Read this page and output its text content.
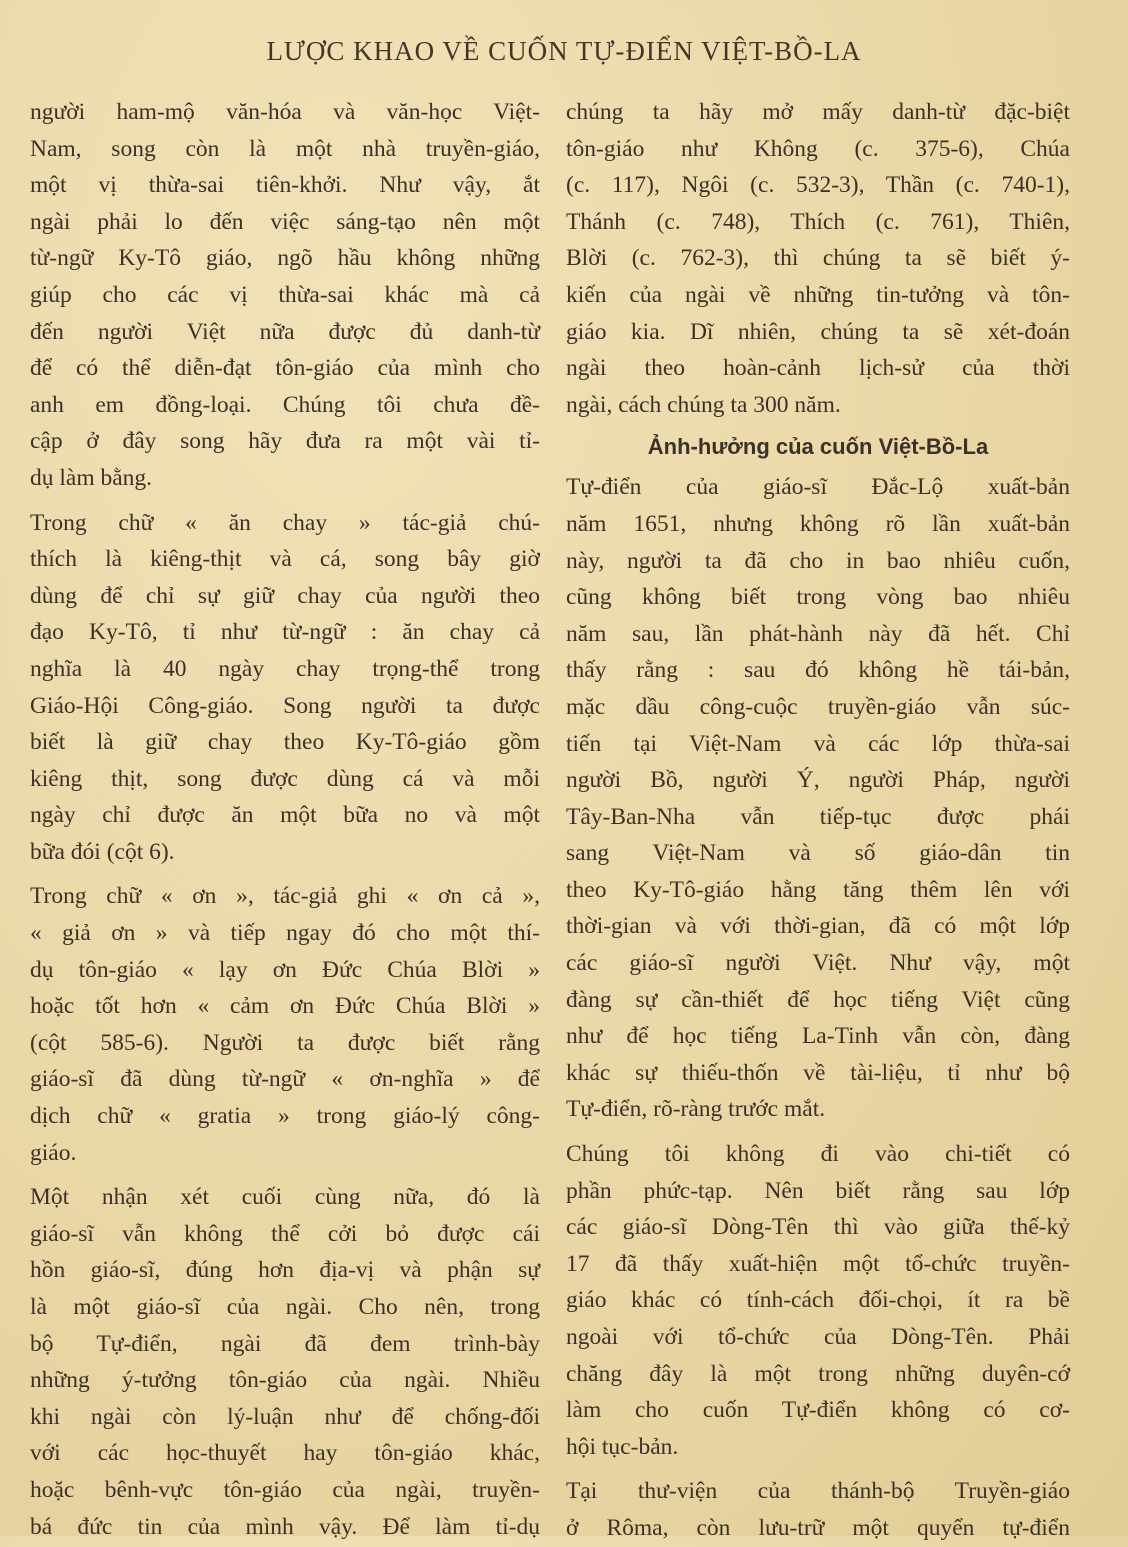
LƯỢC KHAO VỀ CUỐN TỰ-ĐIỂN VIỆT-BỒ-LA
người ham-mộ văn-hóa và văn-học Việt-
Nam, song còn là một nhà truyền-giáo,
một vị thừa-sai tiên-khởi. Như vậy, ắt
ngài phải lo đến việc sáng-tạo nên một
từ-ngữ Ky-Tô giáo, ngõ hầu không những
giúp cho các vị thừa-sai khác mà cả
đến người Việt nữa được đủ danh-từ
để có thể diễn-đạt tôn-giáo của mình cho
anh em đồng-loại. Chúng tôi chưa đề-
cập ở đây song hãy đưa ra một vài tỉ-
dụ làm bằng.
Trong chữ « ăn chay » tác-giả chú-
thích là kiêng-thịt và cá, song bây giờ
dùng để chỉ sự giữ chay của người theo
đạo Ky-Tô, tỉ như từ-ngữ : ăn chay cả
nghĩa là 40 ngày chay trọng-thể trong
Giáo-Hội Công-giáo. Song người ta được
biết là giữ chay theo Ky-Tô-giáo gồm
kiêng thịt, song được dùng cá và mỗi
ngày chỉ được ăn một bữa no và một
bữa đói (cột 6).
Trong chữ « ơn », tác-giả ghi « ơn cả »,
« giả ơn » và tiếp ngay đó cho một thí-
dụ tôn-giáo « lạy ơn Đức Chúa Blời »
hoặc tốt hơn « cảm ơn Đức Chúa Blời »
(cột 585-6). Người ta được biết rằng
giáo-sĩ đã dùng từ-ngữ « ơn-nghĩa » để
dịch chữ « gratia » trong giáo-lý công-
giáo.
Một nhận xét cuối cùng nữa, đó là
giáo-sĩ vẫn không thể cởi bỏ được cái
hồn giáo-sĩ, đúng hơn địa-vị và phận sự
là một giáo-sĩ của ngài. Cho nên, trong
bộ Tự-điển, ngài đã đem trình-bày
những ý-tưởng tôn-giáo của ngài. Nhiều
khi ngài còn lý-luận như để chống-đối
với các học-thuyết hay tôn-giáo khác,
hoặc bênh-vực tôn-giáo của ngài, truyền-
bá đức tin của mình vậy. Để làm tỉ-dụ
chúng ta hãy mở mấy danh-từ đặc-biệt
tôn-giáo như Không (c. 375-6), Chúa
(c. 117), Ngôi (c. 532-3), Thần (c. 740-1),
Thánh (c. 748), Thích (c. 761), Thiên,
Blời (c. 762-3), thì chúng ta sẽ biết ý-
kiến của ngài về những tin-tưởng và tôn-
giáo kia. Dĩ nhiên, chúng ta sẽ xét-đoán
ngài theo hoàn-cảnh lịch-sử của thời
ngài, cách chúng ta 300 năm.
Ảnh-hưởng của cuốn Việt-Bồ-La
Tự-điển của giáo-sĩ Đắc-Lộ xuất-bản
năm 1651, nhưng không rõ lần xuất-bản
này, người ta đã cho in bao nhiêu cuốn,
cũng không biết trong vòng bao nhiêu
năm sau, lần phát-hành này đã hết. Chỉ
thấy rằng : sau đó không hề tái-bản,
mặc dầu công-cuộc truyền-giáo vẫn súc-
tiến tại Việt-Nam và các lớp thừa-sai
người Bồ, người Ý, người Pháp, người
Tây-Ban-Nha vẫn tiếp-tục được phái
sang Việt-Nam và số giáo-dân tin
theo Ky-Tô-giáo hằng tăng thêm lên với
thời-gian và với thời-gian, đã có một lớp
các giáo-sĩ người Việt. Như vậy, một
đàng sự cần-thiết để học tiếng Việt cũng
như để học tiếng La-Tinh vẫn còn, đàng
khác sự thiếu-thốn về tài-liệu, tỉ như bộ
Tự-điển, rõ-ràng trước mắt.
Chúng tôi không đi vào chi-tiết có
phần phức-tạp. Nên biết rằng sau lớp
các giáo-sĩ Dòng-Tên thì vào giữa thế-kỷ
17 đã thấy xuất-hiện một tổ-chức truyền-
giáo khác có tính-cách đối-chọi, ít ra bề
ngoài với tổ-chức của Dòng-Tên. Phải
chăng đây là một trong những duyên-cớ
làm cho cuốn Tự-điển không có cơ-
hội tục-bản.
Tại thư-viện của thánh-bộ Truyền-giáo
ở Rôma, còn lưu-trữ một quyển tự-điển
